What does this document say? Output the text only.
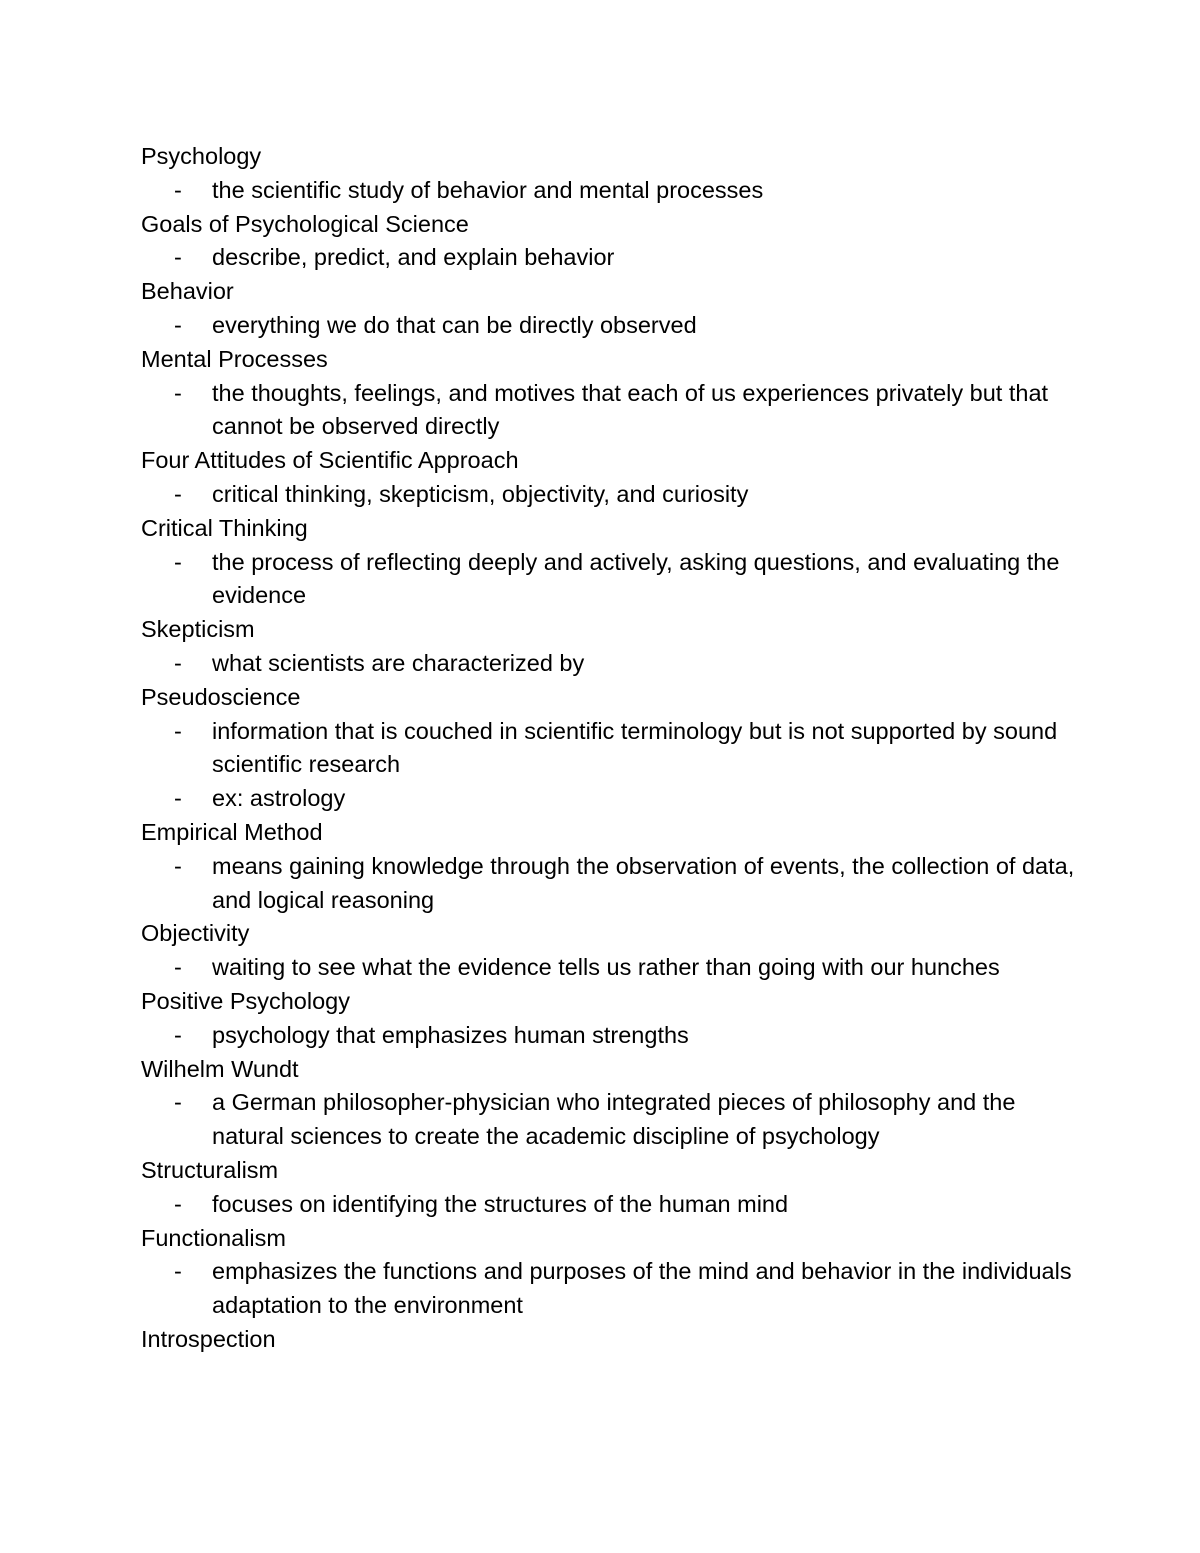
Psychology

- the scientific study of behavior and mental processes

Goals of Psychological Science

- describe, predict, and explain behavior

Behavior

- everything we do that can be directly observed

Mental Processes

- the thoughts, feelings, and motives that each of us experiences privately but that cannot be observed directly

Four Attitudes of Scientific Approach

- critical thinking, skepticism, objectivity, and curiosity

Critical Thinking

- the process of reflecting deeply and actively, asking questions, and evaluating the evidence

Skepticism

- what scientists are characterized by

Pseudoscience

- information that is couched in scientific terminology but is not supported by sound scientific research

- ex: astrology

Empirical Method

- means gaining knowledge through the observation of events, the collection of data, and logical reasoning

Objectivity

- waiting to see what the evidence tells us rather than going with our hunches

Positive Psychology

- psychology that emphasizes human strengths

Wilhelm Wundt

- a German philosopher-physician who integrated pieces of philosophy and the natural sciences to create the academic discipline of psychology

Structuralism

- focuses on identifying the structures of the human mind

Functionalism

- emphasizes the functions and purposes of the mind and behavior in the individuals adaptation to the environment

Introspection
